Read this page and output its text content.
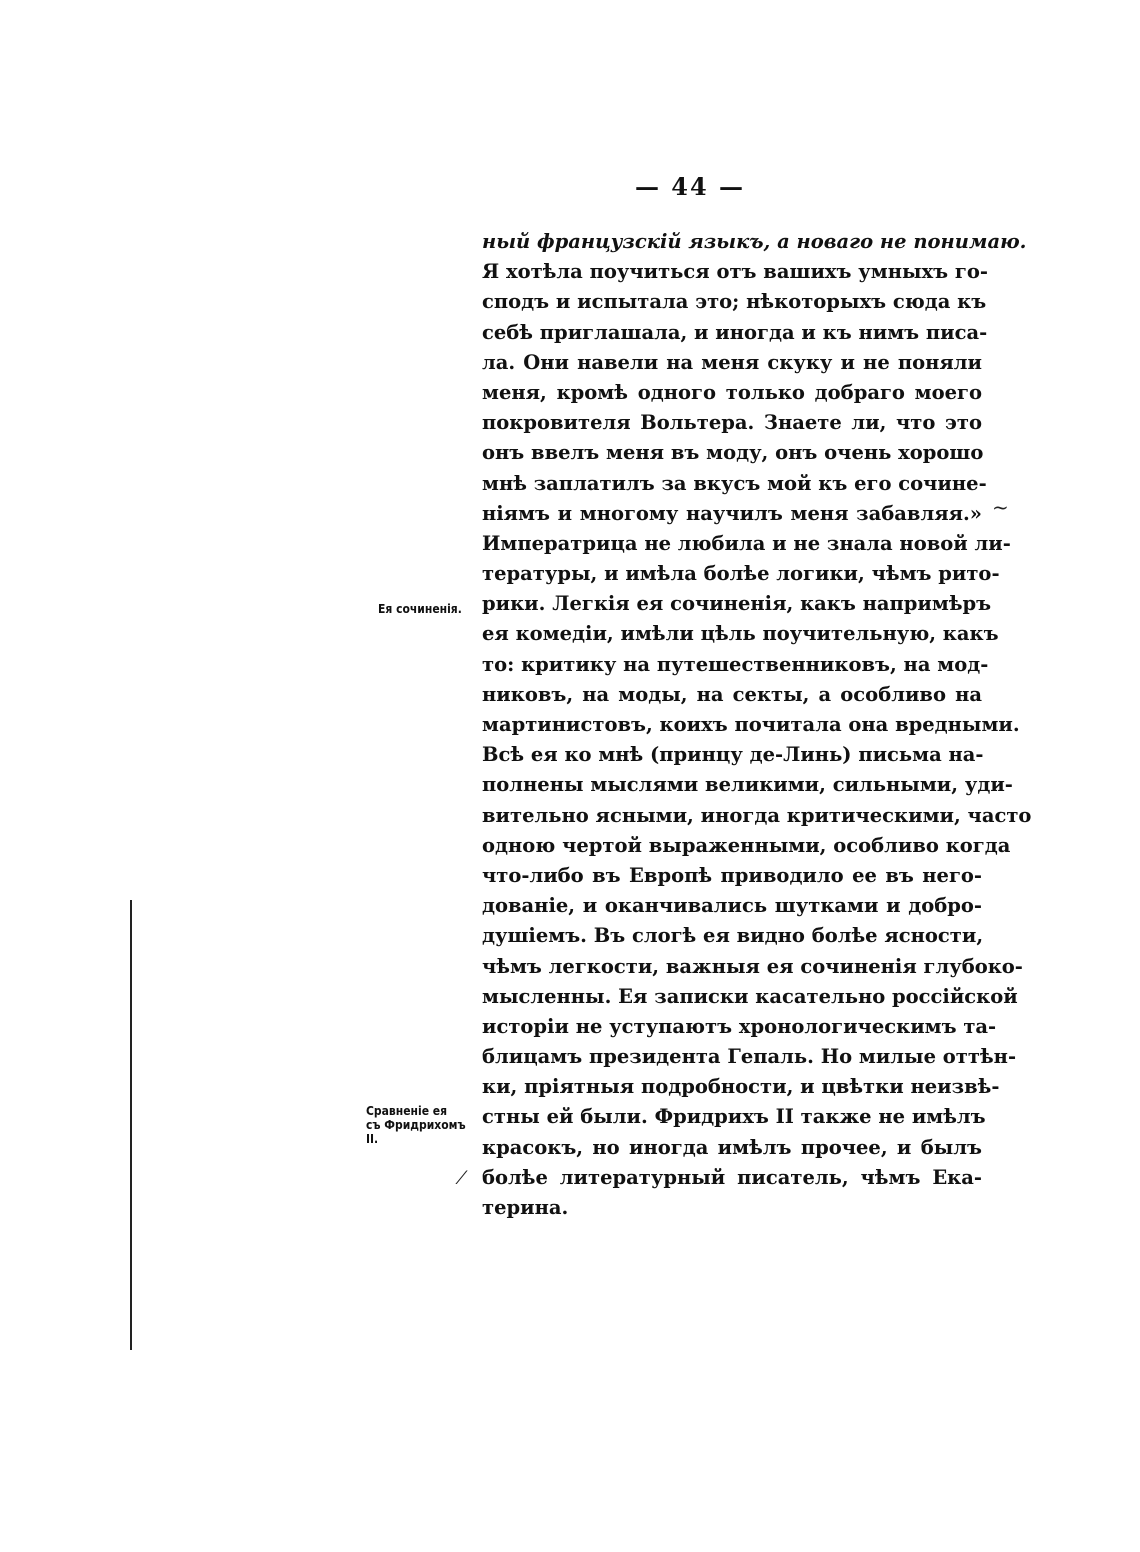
— 44 —
ный французскій языкъ, а новаго не понимаю.
Я хотѣла поучиться отъ вашихъ умныхъ го-
сподъ и испытала это; нѣкоторыхъ сюда къ
себѣ приглашала, и иногда и къ нимъ писа-
ла. Они навели на меня скуку и не поняли
меня, кромѣ одного только добраго моего
покровителя Вольтера. Знаете ли, что это
онъ ввелъ меня въ моду, онъ очень хорошо
мнѣ заплатилъ за вкусъ мой къ его сочине-
ніямъ и многому научилъ меня забавляя.»
Императрица не любила и не знала новой ли-
тературы, и имѣла болѣе логики, чѣмъ рито-
рики. Легкія ея сочиненія, какъ напримѣръ
ея комедіи, имѣли цѣль поучительную, какъ
то: критику на путешественниковъ, на мод-
никовъ, на моды, на секты, а особливо на
мартинистовъ, коихъ почитала она вредными.
Всѣ ея ко мнѣ (принцу де-Линь) письма на-
полнены мыслями великими, сильными, уди-
вительно ясными, иногда критическими, часто
одною чертой выраженными, особливо когда
что-либо въ Европѣ приводило ее въ него-
дованіе, и оканчивались шутками и добро-
душіемъ. Въ слогѣ ея видно болѣе ясности,
чѣмъ легкости, важныя ея сочиненія глубоко-
мысленны. Ея записки касательно россійской
исторіи не уступаютъ хронологическимъ та-
блицамъ президента Гепаль. Но милые оттѣн-
ки, пріятныя подробности, и цвѣтки неизвѣ-
стны ей были. Фридрихъ II также не имѣлъ
красокъ, но иногда имѣлъ прочее, и былъ
болѣе литературный писатель, чѣмъ Ека-
терина.
Ея сочиненія.
Сравненіе ея
съ Фридрихомъ
II.
~
⁄
